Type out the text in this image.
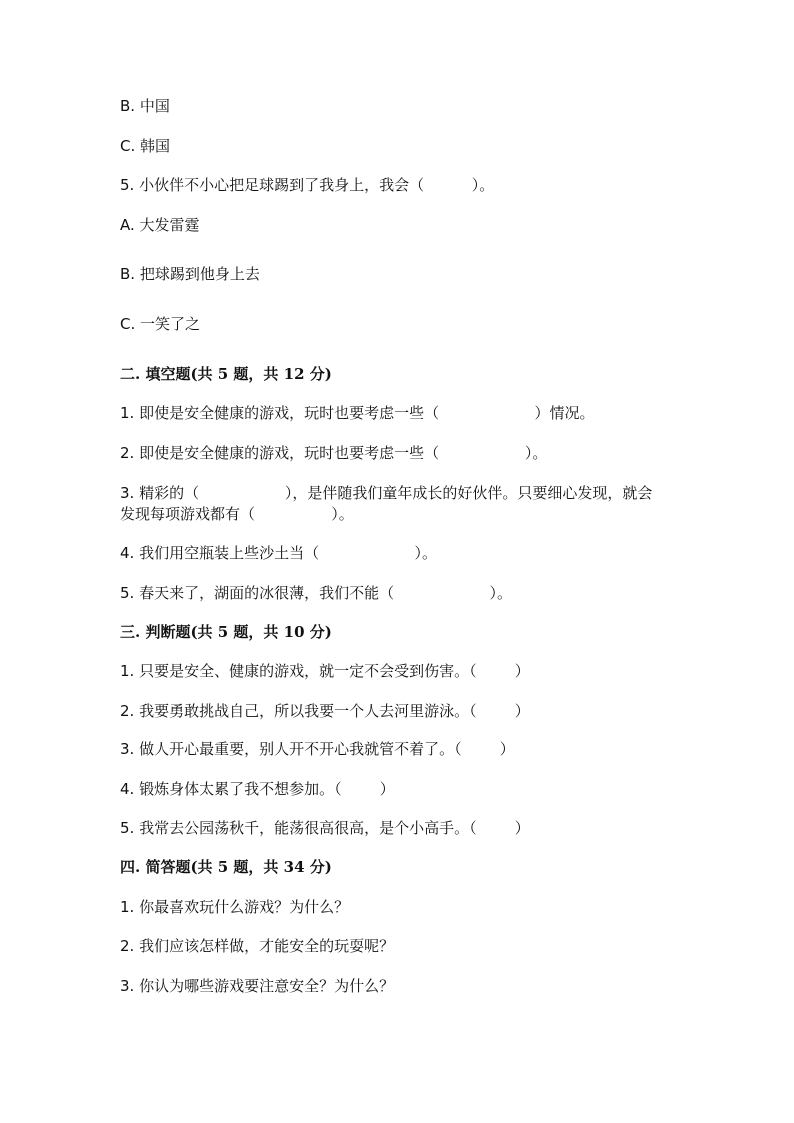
B. 中国
C. 韩国
5. 小伙伴不小心把足球踢到了我身上，我会（          ）。
A. 大发雷霆
B. 把球踢到他身上去
C. 一笑了之
二. 填空题(共 5 题，共 12 分)
1. 即使是安全健康的游戏，玩时也要考虑一些（                    ）情况。
2. 即使是安全健康的游戏，玩时也要考虑一些（                  ）。
3. 精彩的（                  ），是伴随我们童年成长的好伙伴。只要细心发现，就会
发现每项游戏都有（                ）。
4. 我们用空瓶装上些沙土当（                    ）。
5. 春天来了，湖面的冰很薄，我们不能（                    ）。
三. 判断题(共 5 题，共 10 分)
1. 只要是安全、健康的游戏，就一定不会受到伤害。（        ）
2. 我要勇敢挑战自己，所以我要一个人去河里游泳。（        ）
3. 做人开心最重要，别人开不开心我就管不着了。（        ）
4. 锻炼身体太累了我不想参加。（        ）
5. 我常去公园荡秋千，能荡很高很高，是个小高手。（        ）
四. 简答题(共 5 题，共 34 分)
1. 你最喜欢玩什么游戏？为什么？
2. 我们应该怎样做，才能安全的玩耍呢？
3. 你认为哪些游戏要注意安全？为什么？
